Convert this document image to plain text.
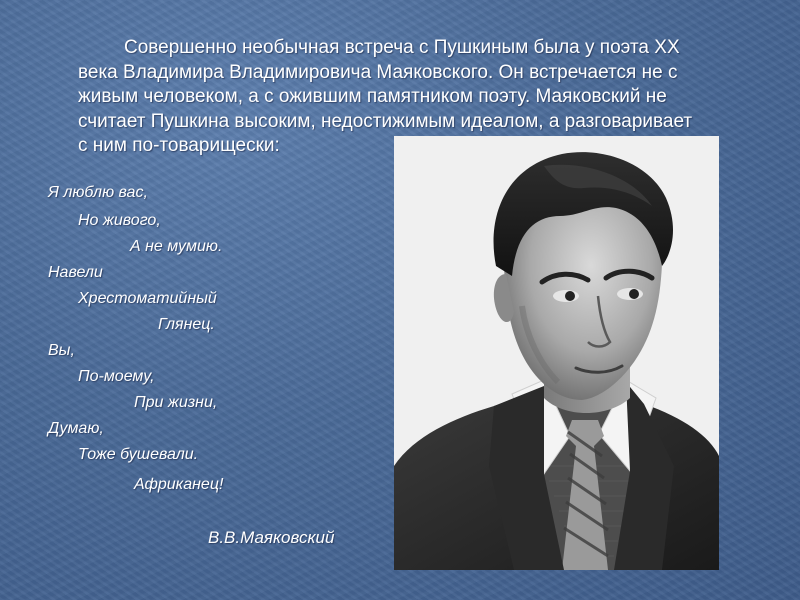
Совершенно необычная встреча с Пушкиным была у поэта XX
века Владимира Владимировича Маяковского. Он встречается не с
живым человеком, а с ожившим памятником поэту. Маяковский не
считает Пушкина высоким, недостижимым идеалом, а разговаривает
с ним по-товарищески:

Я люблю вас,
Но живого,
А не мумию.
Навели
Хрестоматийный
Глянец.
Вы,
По-моему,
При жизни,
Думаю,
Тоже бушевали.
Африканец!
В.В.Маяковский
